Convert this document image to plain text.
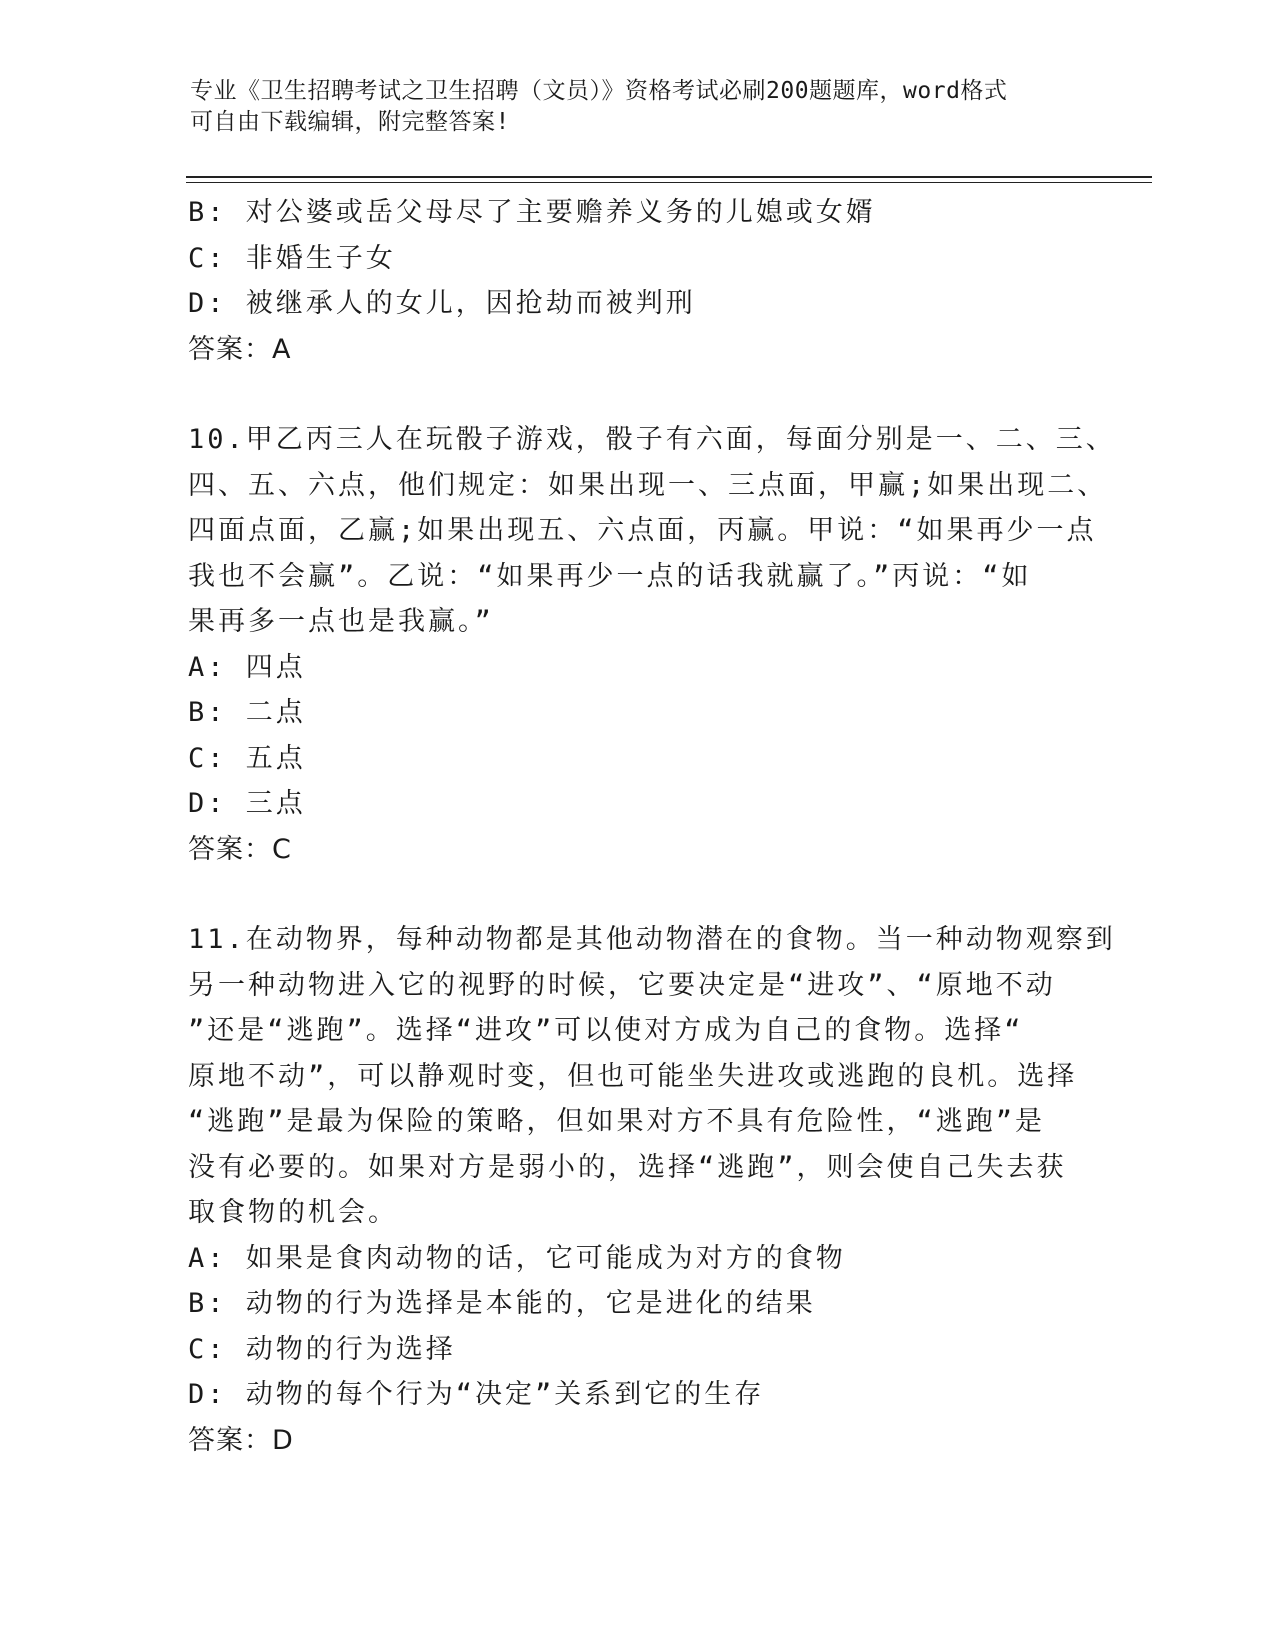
专业《卫生招聘考试之卫生招聘（文员）》资格考试必刷200题题库，word格式
可自由下载编辑，附完整答案!
B: 对公婆或岳父母尽了主要赡养义务的儿媳或女婿
C: 非婚生子女
D: 被继承人的女儿，因抢劫而被判刑
答案：A
10.甲乙丙三人在玩骰子游戏，骰子有六面，每面分别是一、二、三、
四、五、六点，他们规定：如果出现一、三点面，甲赢;如果出现二、
四面点面，乙赢;如果出现五、六点面，丙赢。甲说：“如果再少一点
我也不会赢”。乙说：“如果再少一点的话我就赢了。”丙说：“如
果再多一点也是我赢。”
A: 四点
B: 二点
C: 五点
D: 三点
答案：C
11.在动物界，每种动物都是其他动物潜在的食物。当一种动物观察到
另一种动物进入它的视野的时候，它要决定是“进攻”、“原地不动
”还是“逃跑”。选择“进攻”可以使对方成为自己的食物。选择“
原地不动”，可以静观时变，但也可能坐失进攻或逃跑的良机。选择
“逃跑”是最为保险的策略，但如果对方不具有危险性，“逃跑”是
没有必要的。如果对方是弱小的，选择“逃跑”，则会使自己失去获
取食物的机会。
A: 如果是食肉动物的话，它可能成为对方的食物
B: 动物的行为选择是本能的，它是进化的结果
C: 动物的行为选择
D: 动物的每个行为“决定”关系到它的生存
答案：D
